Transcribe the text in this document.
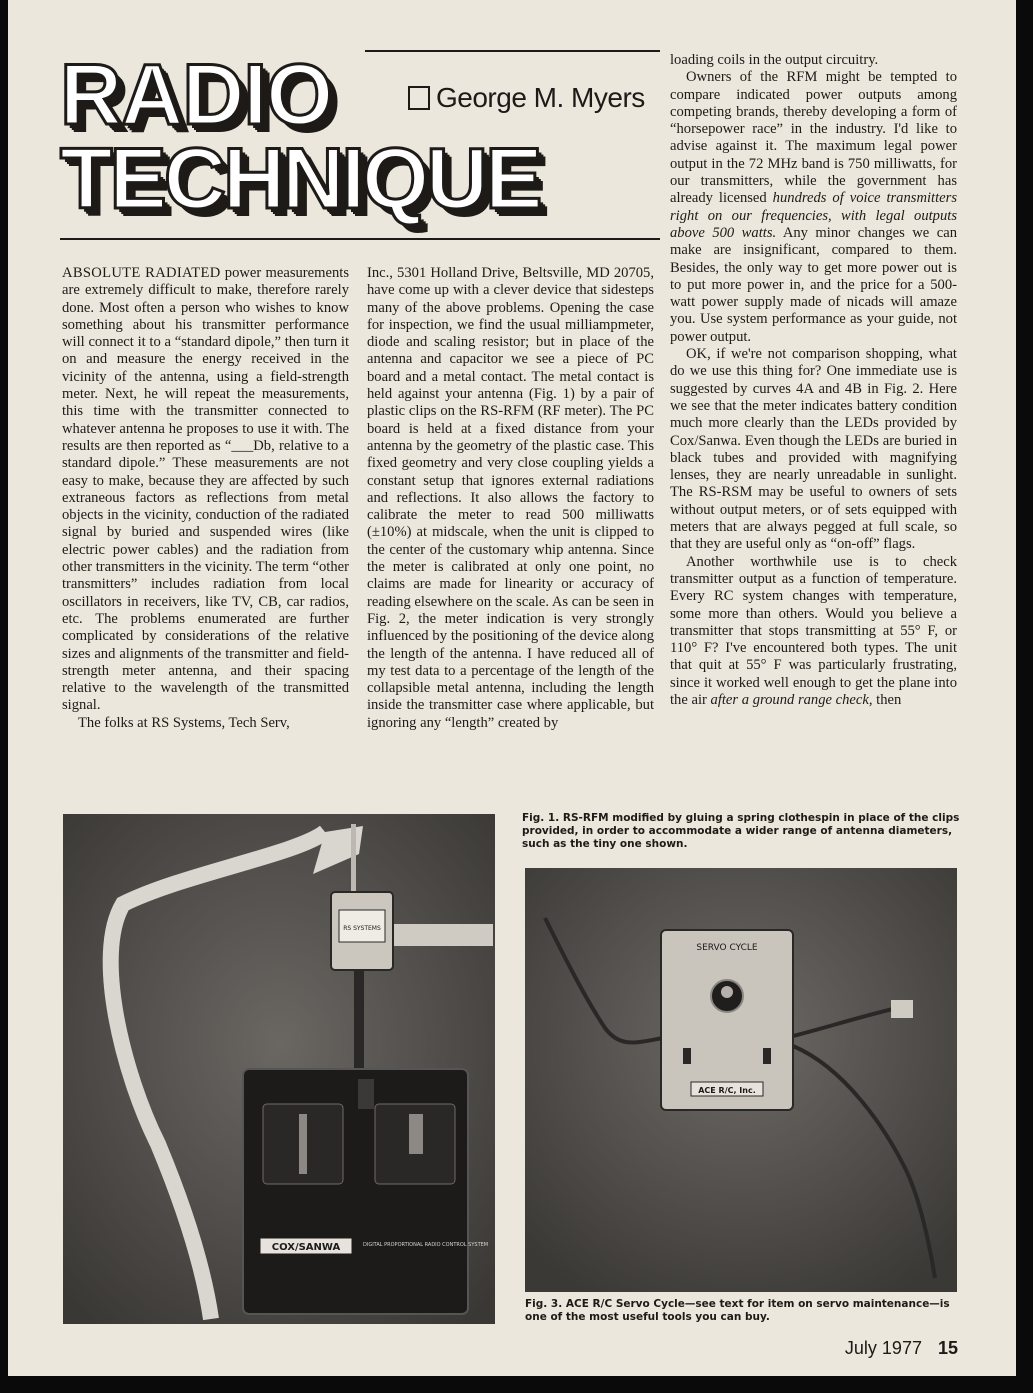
RADIO	George M. Myers
TECHNIQUE

ABSOLUTE RADIATED power measurements are extremely difficult to make, therefore rarely done. Most often a person who wishes to know something about his transmitter performance will connect it to a “standard dipole,” then turn it on and measure the energy received in the vicinity of the antenna, using a field-strength meter. Next, he will repeat the measurements, this time with the transmitter connected to whatever antenna he proposes to use it with. The results are then reported as “___Db, relative to a standard dipole.” These measurements are not easy to make, because they are affected by such extraneous factors as reflections from metal objects in the vicinity, conduction of the radiated signal by buried and suspended wires (like electric power cables) and the radiation from other transmitters in the vicinity. The term “other transmitters” includes radiation from local oscillators in receivers, like TV, CB, car radios, etc. The problems enumerated are further complicated by considerations of the relative sizes and alignments of the transmitter and field-strength meter antenna, and their spacing relative to the wavelength of the transmitted signal.

The folks at RS Systems, Tech Serv,

Inc., 5301 Holland Drive, Beltsville, MD 20705, have come up with a clever device that sidesteps many of the above problems. Opening the case for inspection, we find the usual milliampmeter, diode and scaling resistor; but in place of the antenna and capacitor we see a piece of PC board and a metal contact. The metal contact is held against your antenna (Fig. 1) by a pair of plastic clips on the RS-RFM (RF meter). The PC board is held at a fixed distance from your antenna by the geometry of the plastic case. This fixed geometry and very close coupling yields a constant setup that ignores external radiations and reflections. It also allows the factory to calibrate the meter to read 500 milliwatts (±10%) at midscale, when the unit is clipped to the center of the customary whip antenna. Since the meter is calibrated at only one point, no claims are made for linearity or accuracy of reading elsewhere on the scale. As can be seen in Fig. 2, the meter indication is very strongly influenced by the positioning of the device along the length of the antenna. I have reduced all of my test data to a percentage of the length of the collapsible metal antenna, including the length inside the transmitter case where applicable, but ignoring any “length” created by

loading coils in the output circuitry.

Owners of the RFM might be tempted to compare indicated power outputs among competing brands, thereby developing a form of “horsepower race” in the industry. I'd like to advise against it. The maximum legal power output in the 72 MHz band is 750 milliwatts, for our transmitters, while the government has already licensed hundreds of voice transmitters right on our frequencies, with legal outputs above 500 watts. Any minor changes we can make are insignificant, compared to them. Besides, the only way to get more power out is to put more power in, and the price for a 500-watt power supply made of nicads will amaze you. Use system performance as your guide, not power output.

OK, if we're not comparison shopping, what do we use this thing for? One immediate use is suggested by curves 4A and 4B in Fig. 2. Here we see that the meter indicates battery condition much more clearly than the LEDs provided by Cox/Sanwa. Even though the LEDs are buried in black tubes and provided with magnifying lenses, they are nearly unreadable in sunlight. The RS-RSM may be useful to owners of sets without output meters, or of sets equipped with meters that are always pegged at full scale, so that they are useful only as “on-off” flags.

Another worthwhile use is to check transmitter output as a function of temperature. Every RC system changes with temperature, some more than others. Would you believe a transmitter that stops transmitting at 55° F, or 110° F? I've encountered both types. The unit that quit at 55° F was particularly frustrating, since it worked well enough to get the plane into the air after a ground range check, then

RS SYSTEMS
COX/SANWA	DIGITAL PROPORTIONAL RADIO CONTROL SYSTEM
Fig. 1. RS-RFM modified by gluing a spring clothespin in place of the clips provided, in order to accommodate a wider range of antenna diameters, such as the tiny one shown.
SERVO CYCLE
ACE R/C, Inc.
Fig. 3. ACE R/C Servo Cycle—see text for item on servo maintenance—is one of the most useful tools you can buy.
July 1977 15
